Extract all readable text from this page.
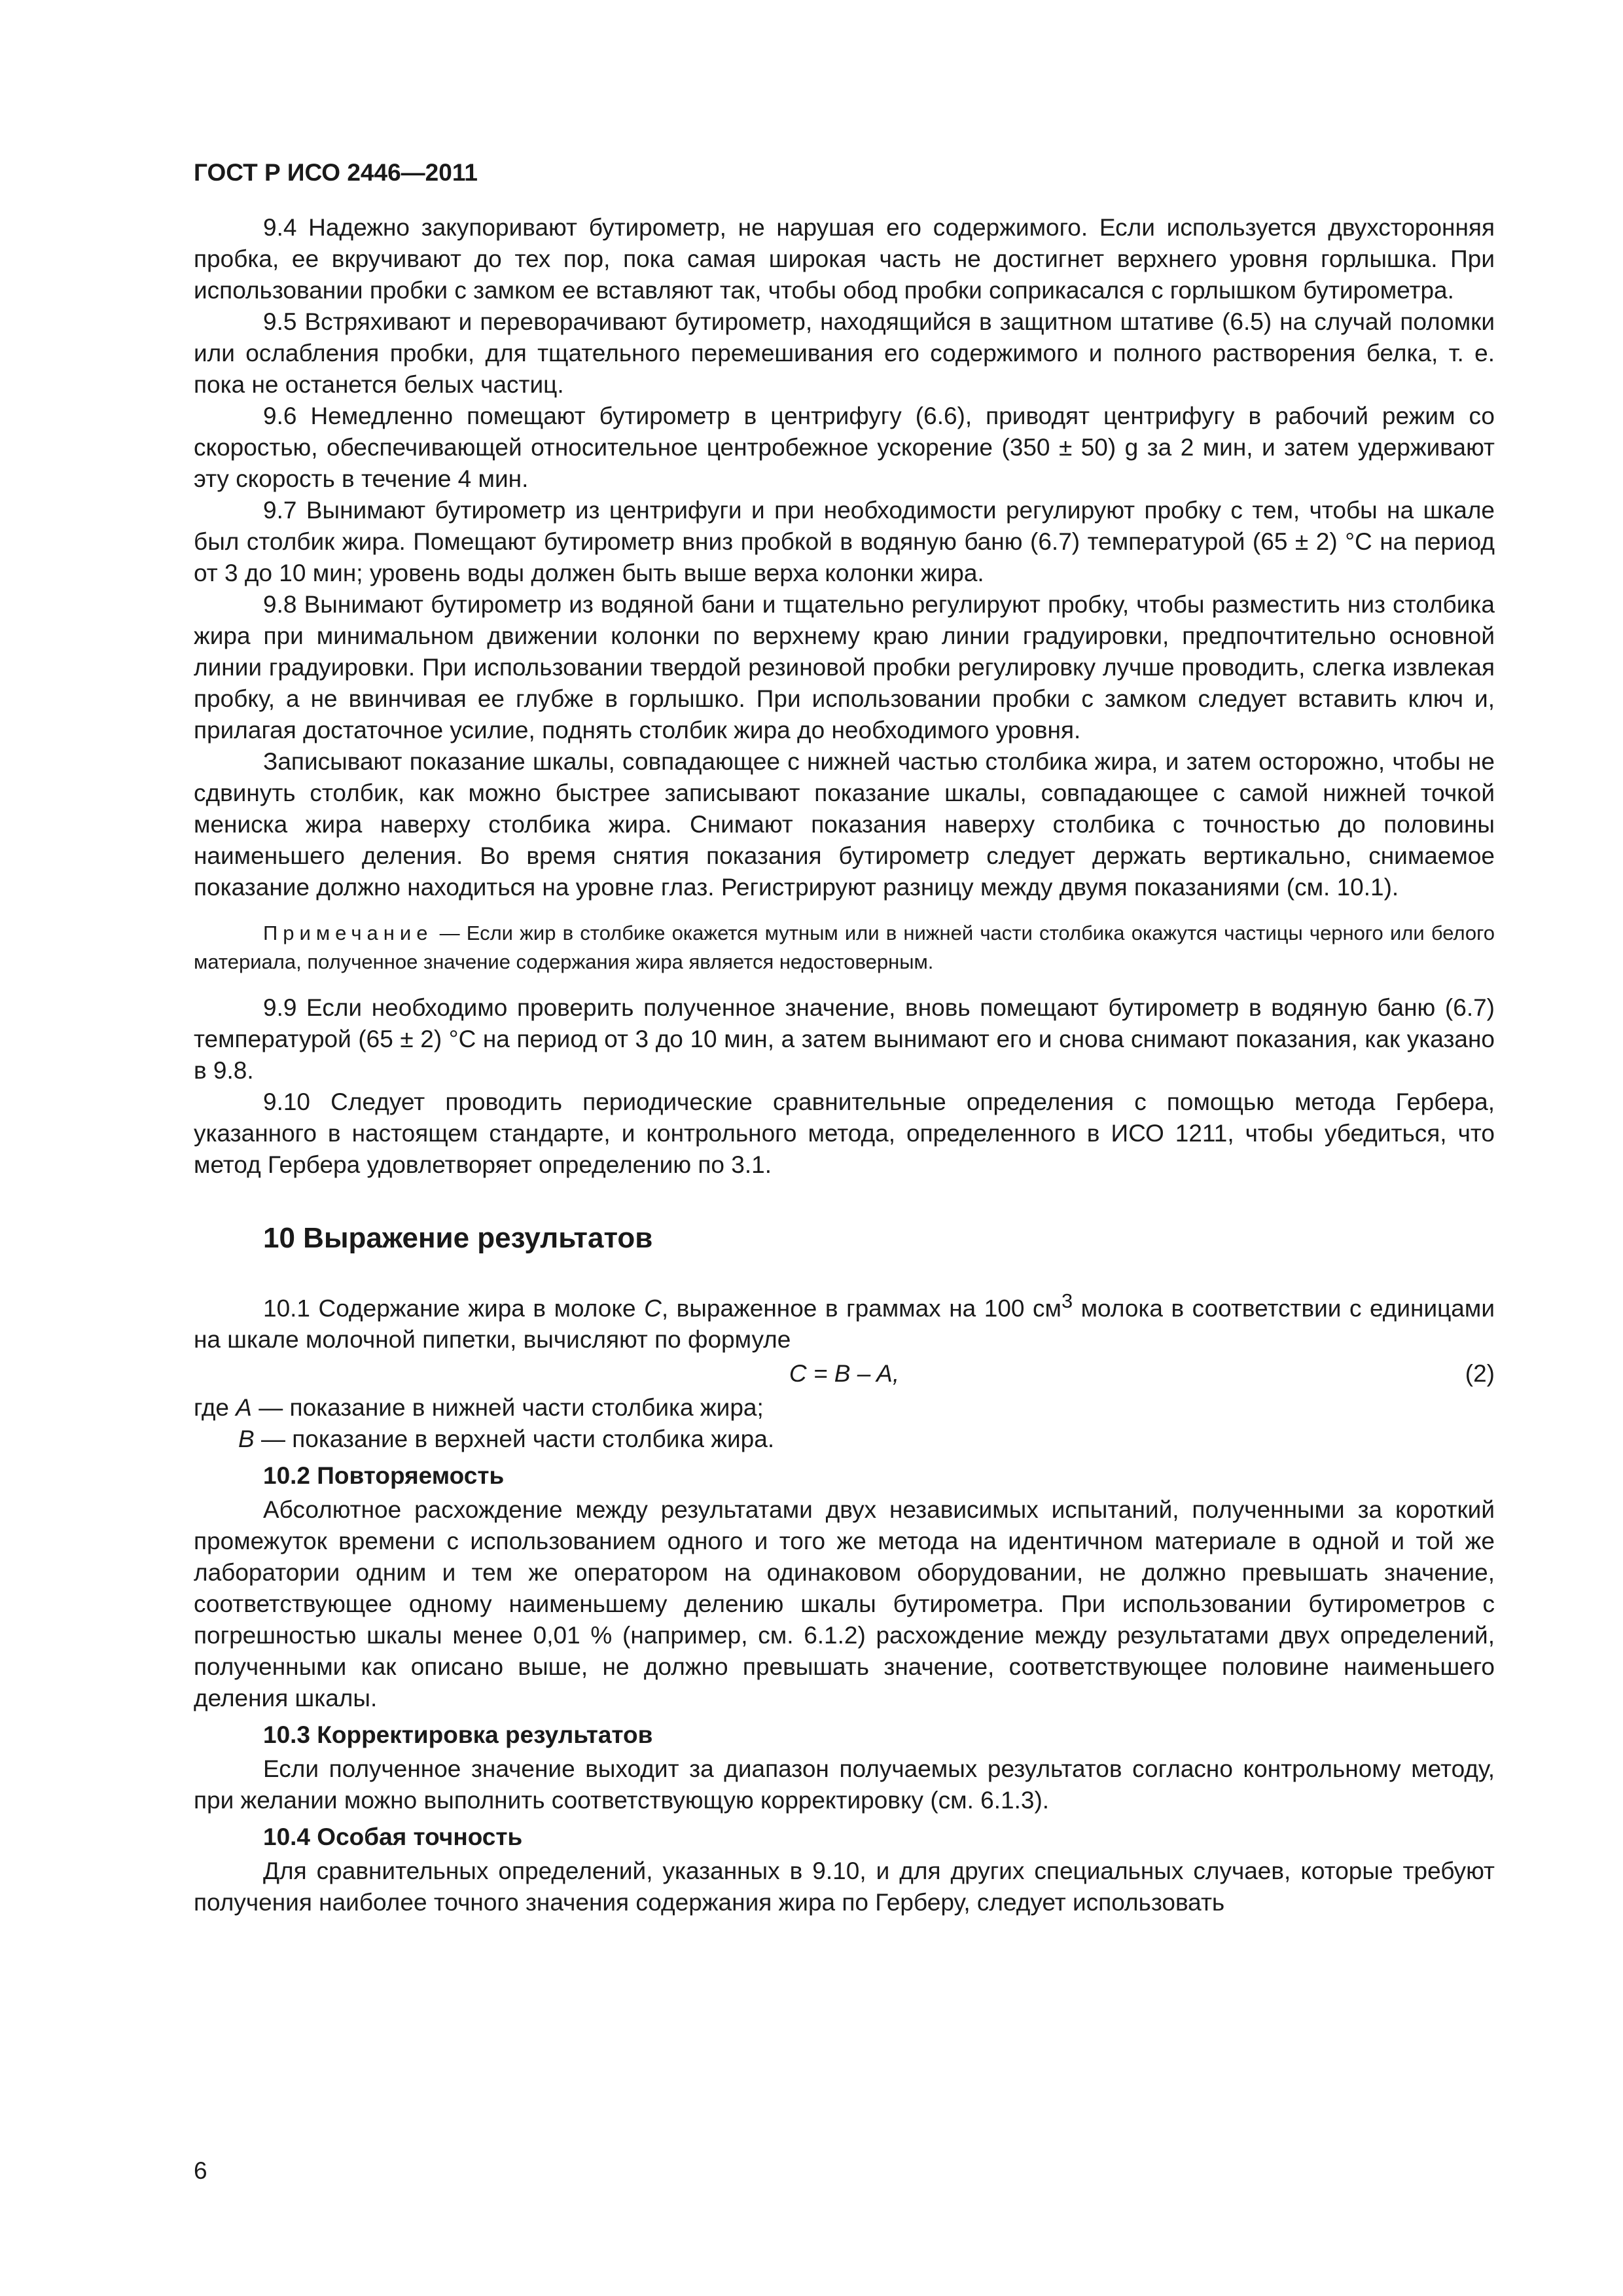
ГОСТ Р ИСО 2446—2011

9.4 Надежно закупоривают бутирометр, не нарушая его содержимого. Если используется двухсторонняя пробка, ее вкручивают до тех пор, пока самая широкая часть не достигнет верхнего уровня горлышка. При использовании пробки с замком ее вставляют так, чтобы обод пробки соприкасался с горлышком бутирометра.

9.5 Встряхивают и переворачивают бутирометр, находящийся в защитном штативе (6.5) на случай поломки или ослабления пробки, для тщательного перемешивания его содержимого и полного растворения белка, т. е. пока не останется белых частиц.

9.6 Немедленно помещают бутирометр в центрифугу (6.6), приводят центрифугу в рабочий режим со скоростью, обеспечивающей относительное центробежное ускорение (350 ± 50) g за 2 мин, и затем удерживают эту скорость в течение 4 мин.

9.7 Вынимают бутирометр из центрифуги и при необходимости регулируют пробку с тем, чтобы на шкале был столбик жира. Помещают бутирометр вниз пробкой в водяную баню (6.7) температурой (65 ± 2) °С на период от 3 до 10 мин; уровень воды должен быть выше верха колонки жира.

9.8 Вынимают бутирометр из водяной бани и тщательно регулируют пробку, чтобы разместить низ столбика жира при минимальном движении колонки по верхнему краю линии градуировки, предпочтительно основной линии градуировки. При использовании твердой резиновой пробки регулировку лучше проводить, слегка извлекая пробку, а не ввинчивая ее глубже в горлышко. При использовании пробки с замком следует вставить ключ и, прилагая достаточное усилие, поднять столбик жира до необходимого уровня.

Записывают показание шкалы, совпадающее с нижней частью столбика жира, и затем осторожно, чтобы не сдвинуть столбик, как можно быстрее записывают показание шкалы, совпадающее с самой нижней точкой мениска жира наверху столбика жира. Снимают показания наверху столбика с точностью до половины наименьшего деления. Во время снятия показания бутирометр следует держать вертикально, снимаемое показание должно находиться на уровне глаз. Регистрируют разницу между двумя показаниями (см. 10.1).

Примечание — Если жир в столбике окажется мутным или в нижней части столбика окажутся частицы черного или белого материала, полученное значение содержания жира является недостоверным.

9.9 Если необходимо проверить полученное значение, вновь помещают бутирометр в водяную баню (6.7) температурой (65 ± 2) °С на период от 3 до 10 мин, а затем вынимают его и снова снимают показания, как указано в 9.8.

9.10 Следует проводить периодические сравнительные определения с помощью метода Гербера, указанного в настоящем стандарте, и контрольного метода, определенного в ИСО 1211, чтобы убедиться, что метод Гербера удовлетворяет определению по 3.1.

10 Выражение результатов

10.1 Содержание жира в молоке C, выраженное в граммах на 100 $см^3$ молока в соответствии с единицами на шкале молочной пипетки, вычисляют по формуле

C = B – A,	(2)
где A — показание в нижней части столбика жира;
B — показание в верхней части столбика жира.
10.2 Повторяемость

Абсолютное расхождение между результатами двух независимых испытаний, полученными за короткий промежуток времени с использованием одного и того же метода на идентичном материале в одной и той же лаборатории одним и тем же оператором на одинаковом оборудовании, не должно превышать значение, соответствующее одному наименьшему делению шкалы бутирометра. При использовании бутирометров с погрешностью шкалы менее 0,01 % (например, см. 6.1.2) расхождение между результатами двух определений, полученными как описано выше, не должно превышать значение, соответствующее половине наименьшего деления шкалы.

10.3 Корректировка результатов

Если полученное значение выходит за диапазон получаемых результатов согласно контрольному методу, при желании можно выполнить соответствующую корректировку (см. 6.1.3).

10.4 Особая точность

Для сравнительных определений, указанных в 9.10, и для других специальных случаев, которые требуют получения наиболее точного значения содержания жира по Герберу, следует использовать

6
